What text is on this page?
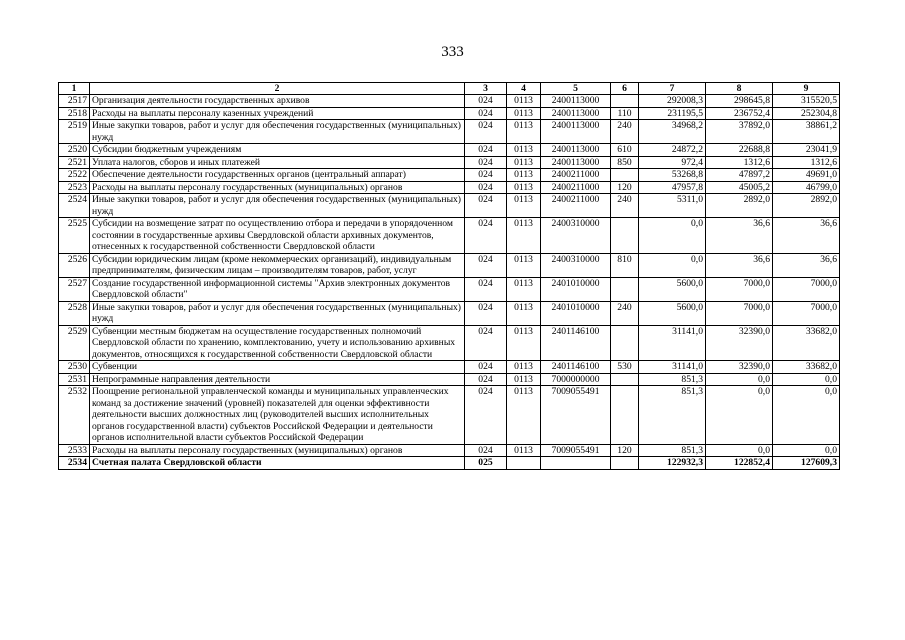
333
1	2	3	4	5	6	7	8	9
2517	Организация деятельности государственных архивов	024	0113	2400113000		292008,3	298645,8	315520,5
2518	Расходы на выплаты персоналу казенных учреждений	024	0113	2400113000	110	231195,5	236752,4	252304,8
2519	Иные закупки товаров, работ и услуг для обеспечения государственных (муниципальных) нужд	024	0113	2400113000	240	34968,2	37892,0	38861,2
2520	Субсидии бюджетным учреждениям	024	0113	2400113000	610	24872,2	22688,8	23041,9
2521	Уплата налогов, сборов и иных платежей	024	0113	2400113000	850	972,4	1312,6	1312,6
2522	Обеспечение деятельности государственных органов (центральный аппарат)	024	0113	2400211000		53268,8	47897,2	49691,0
2523	Расходы на выплаты персоналу государственных (муниципальных) органов	024	0113	2400211000	120	47957,8	45005,2	46799,0
2524	Иные закупки товаров, работ и услуг для обеспечения государственных (муниципальных) нужд	024	0113	2400211000	240	5311,0	2892,0	2892,0
2525	Субсидии на возмещение затрат по осуществлению отбора и передачи в упорядоченном состоянии в государственные архивы Свердловской области архивных документов, отнесенных к государственной собственности Свердловской области	024	0113	2400310000		0,0	36,6	36,6
2526	Субсидии юридическим лицам (кроме некоммерческих организаций), индивидуальным предпринимателям, физическим лицам – производителям товаров, работ, услуг	024	0113	2400310000	810	0,0	36,6	36,6
2527	Создание государственной информационной системы "Архив электронных документов Свердловской области"	024	0113	2401010000		5600,0	7000,0	7000,0
2528	Иные закупки товаров, работ и услуг для обеспечения государственных (муниципальных) нужд	024	0113	2401010000	240	5600,0	7000,0	7000,0
2529	Субвенции местным бюджетам на осуществление государственных полномочий Свердловской области по хранению, комплектованию, учету и использованию архивных документов, относящихся к государственной собственности Свердловской области	024	0113	2401146100		31141,0	32390,0	33682,0
2530	Субвенции	024	0113	2401146100	530	31141,0	32390,0	33682,0
2531	Непрограммные направления деятельности	024	0113	7000000000		851,3	0,0	0,0
2532	Поощрение региональной управленческой команды и муниципальных управленческих команд за достижение значений (уровней) показателей для оценки эффективности деятельности высших должностных лиц (руководителей высших исполнительных органов государственной власти) субъектов Российской Федерации и деятельности органов исполнительной власти субъектов Российской Федерации	024	0113	7009055491		851,3	0,0	0,0
2533	Расходы на выплаты персоналу государственных (муниципальных) органов	024	0113	7009055491	120	851,3	0,0	0,0
2534	Счетная палата Свердловской области	025				122932,3	122852,4	127609,3
